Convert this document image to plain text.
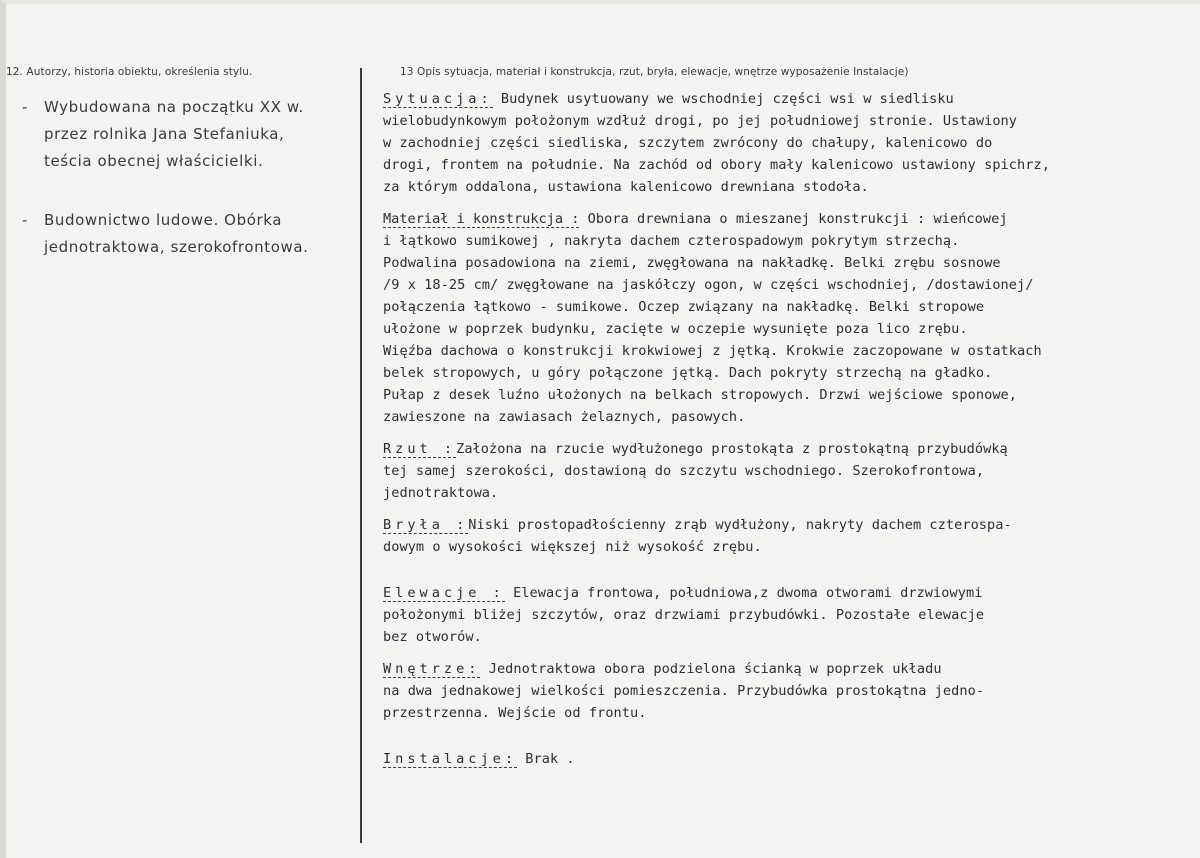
12. Autorzy, historia obiektu, określenia stylu.	13 Opis sytuacja, materiał i konstrukcja, rzut, bryła, elewacje, wnętrze wyposażenie Instalacje)
- Wybudowana na początku XX w.
przez rolnika Jana Stefaniuka,
teścia obecnej właścicielki.
- Budownictwo ludowe. Obórka
jednotraktowa, szerokofrontowa.
Sytuacja: Budynek usytuowany we wschodniej części wsi w siedlisku
wielobudynkowym położonym wzdłuż drogi, po jej południowej stronie. Ustawiony
w zachodniej części siedliska, szczytem zwrócony do chałupy, kalenicowo do
drogi, frontem na południe. Na zachód od obory mały kalenicowo ustawiony spichrz,
za którym oddalona, ustawiona kalenicowo drewniana stodoła.
Materiał i konstrukcja : Obora drewniana o mieszanej konstrukcji : wieńcowej
i łątkowo sumikowej , nakryta dachem czterospadowym pokrytym strzechą.
Podwalina posadowiona na ziemi, zwęgłowana na nakładkę. Belki zrębu sosnowe
/9 x 18-25 cm/ zwęgłowane na jaskółczy ogon, w części wschodniej, /dostawionej/
połączenia łątkowo - sumikowe. Oczep związany na nakładkę. Belki stropowe
ułożone w poprzek budynku, zacięte w oczepie wysunięte poza lico zrębu.
Więźba dachowa o konstrukcji krokwiowej z jętką. Krokwie zaczopowane w ostatkach
belek stropowych, u góry połączone jętką. Dach pokryty strzechą na gładko.
Pułap z desek luźno ułożonych na belkach stropowych. Drzwi wejściowe sponowe,
zawieszone na zawiasach żelaznych, pasowych.
Rzut :Założona na rzucie wydłużonego prostokąta z prostokątną przybudówką
tej samej szerokości, dostawioną do szczytu wschodniego. Szerokofrontowa,
jednotraktowa.
Bryła :Niski prostopadłościenny zrąb wydłużony, nakryty dachem czterospa-
dowym o wysokości większej niż wysokość zrębu.
Elewacje : Elewacja frontowa, południowa,z dwoma otworami drzwiowymi
położonymi bliżej szczytów, oraz drzwiami przybudówki. Pozostałe elewacje
bez otworów.
Wnętrze: Jednotraktowa obora podzielona ścianką w poprzek układu
na dwa jednakowej wielkości pomieszczenia. Przybudówka prostokątna jedno-
przestrzenna. Wejście od frontu.
Instalacje: Brak .
